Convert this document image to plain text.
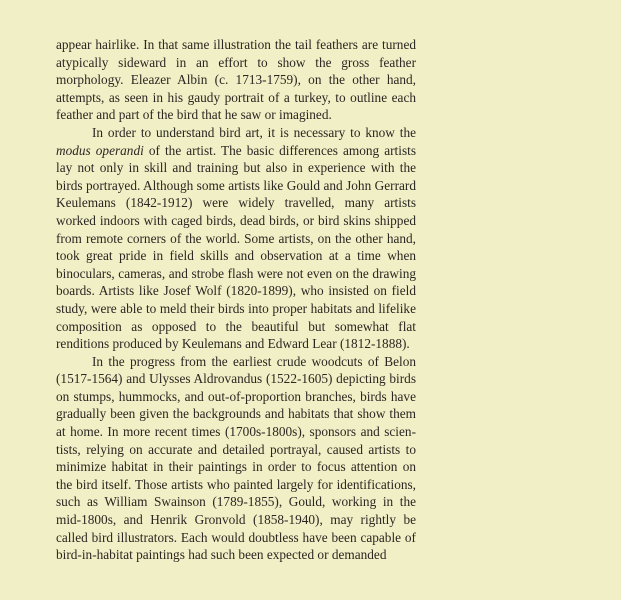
appear hairlike. In that same illustration the tail feathers are turned atypically sideward in an effort to show the gross feather morphology. Eleazer Albin (c. 1713-1759), on the other hand, attempts, as seen in his gaudy portrait of a turkey, to outline each feather and part of the bird that he saw or imagined.

In order to understand bird art, it is necessary to know the modus operandi of the artist. The basic differences among artists lay not only in skill and training but also in experience with the birds portrayed. Although some artists like Gould and John Gerrard Keulemans (1842-1912) were widely travelled, many artists worked indoors with caged birds, dead birds, or bird skins shipped from remote corners of the world. Some artists, on the other hand, took great pride in field skills and observation at a time when binoculars, cameras, and strobe flash were not even on the drawing boards. Artists like Josef Wolf (1820-1899), who insisted on field study, were able to meld their birds into proper habitats and lifelike composition as opposed to the beautiful but somewhat flat renditions produced by Keulemans and Edward Lear (1812-1888).

In the progress from the earliest crude woodcuts of Belon (1517-1564) and Ulysses Aldrovandus (1522-1605) depicting birds on stumps, hummocks, and out-of-proportion branches, birds have gradually been given the backgrounds and habitats that show them at home. In more recent times (1700s-1800s), sponsors and scientists, relying on accurate and detailed portrayal, caused artists to minimize habitat in their paintings in order to focus attention on the bird itself. Those artists who painted largely for identifications, such as William Swainson (1789-1855), Gould, working in the mid-1800s, and Henrik Gronvold (1858-1940), may rightly be called bird illustrators. Each would doubtless have been capable of bird-in-habitat paintings had such been expected or demanded
